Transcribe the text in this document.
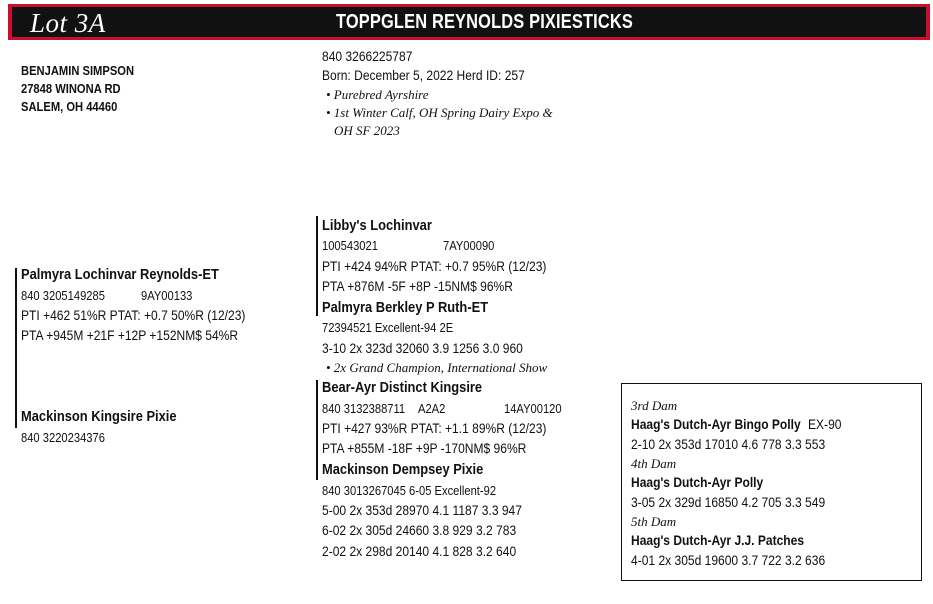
Lot 3A	TOPPGLEN REYNOLDS PIXIESTICKS
BENJAMIN SIMPSON
27848 WINONA RD
SALEM, OH 44460
840 3266225787
Born: December 5, 2022 Herd ID: 257
• Purebred Ayrshire
• 1st Winter Calf, OH Spring Dairy Expo &
OH SF 2023
Palmyra Lochinvar Reynolds-ET
840 3205149285	9AY00133
PTI +462 51%R PTAT: +0.7 50%R (12/23)
PTA +945M +21F +12P +152NM$ 54%R
Mackinson Kingsire Pixie
840 3220234376
Libby's Lochinvar
100543021	7AY00090
PTI +424 94%R PTAT: +0.7 95%R (12/23)
PTA +876M -5F +8P -15NM$ 96%R
Palmyra Berkley P Ruth-ET
72394521 Excellent-94 2E
3-10 2x 323d 32060 3.9 1256 3.0 960
• 2x Grand Champion, International Show
Bear-Ayr Distinct Kingsire
840 3132388711 A2A2	14AY00120
PTI +427 93%R PTAT: +1.1 89%R (12/23)
PTA +855M -18F +9P -170NM$ 96%R
Mackinson Dempsey Pixie
840 3013267045 6-05 Excellent-92
5-00 2x 353d 28970 4.1 1187 3.3 947
6-02 2x 305d 24660 3.8 929 3.2 783
2-02 2x 298d 20140 4.1 828 3.2 640
3rd Dam
Haag's Dutch-Ayr Bingo Polly EX-90
2-10 2x 353d 17010 4.6 778 3.3 553
4th Dam
Haag's Dutch-Ayr Polly
3-05 2x 329d 16850 4.2 705 3.3 549
5th Dam
Haag's Dutch-Ayr J.J. Patches
4-01 2x 305d 19600 3.7 722 3.2 636
